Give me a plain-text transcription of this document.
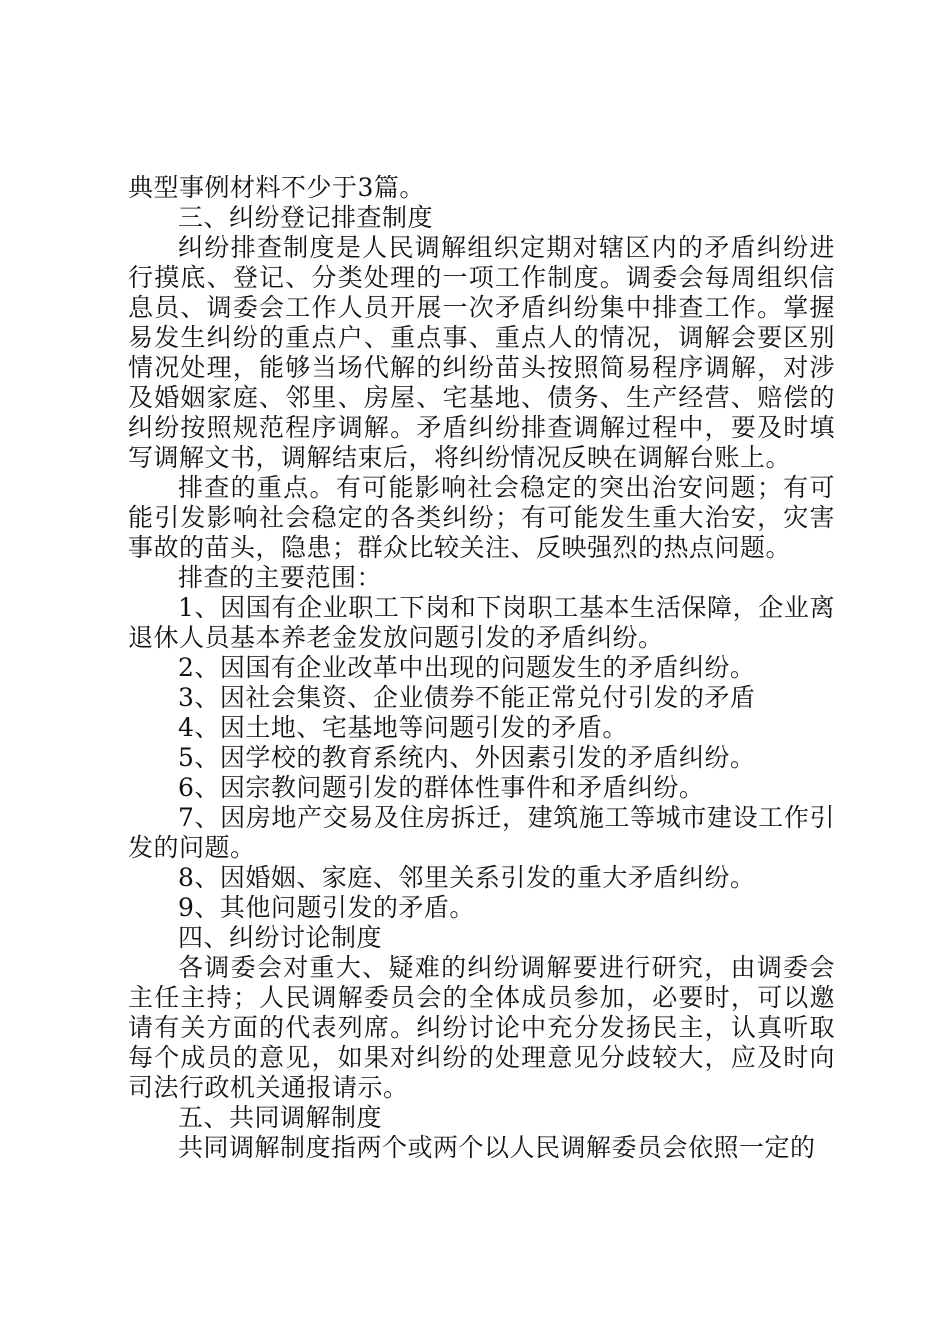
典型事例材料不少于3篇。

三、纠纷登记排查制度

纠纷排查制度是人民调解组织定期对辖区内的矛盾纠纷进行摸底、登记、分类处理的一项工作制度。调委会每周组织信息员、调委会工作人员开展一次矛盾纠纷集中排查工作。掌握易发生纠纷的重点户、重点事、重点人的情况，调解会要区别情况处理，能够当场代解的纠纷苗头按照简易程序调解，对涉及婚姻家庭、邻里、房屋、宅基地、债务、生产经营、赔偿的纠纷按照规范程序调解。矛盾纠纷排查调解过程中，要及时填写调解文书，调解结束后，将纠纷情况反映在调解台账上。

排查的重点。有可能影响社会稳定的突出治安问题；有可能引发影响社会稳定的各类纠纷；有可能发生重大治安，灾害事故的苗头，隐患；群众比较关注、反映强烈的热点问题。

排查的主要范围：

1、因国有企业职工下岗和下岗职工基本生活保障，企业离退休人员基本养老金发放问题引发的矛盾纠纷。

2、因国有企业改革中出现的问题发生的矛盾纠纷。

3、因社会集资、企业债券不能正常兑付引发的矛盾

4、因土地、宅基地等问题引发的矛盾。

5、因学校的教育系统内、外因素引发的矛盾纠纷。

6、因宗教问题引发的群体性事件和矛盾纠纷。

7、因房地产交易及住房拆迁，建筑施工等城市建设工作引发的问题。

8、因婚姻、家庭、邻里关系引发的重大矛盾纠纷。

9、其他问题引发的矛盾。

四、纠纷讨论制度

各调委会对重大、疑难的纠纷调解要进行研究，由调委会主任主持；人民调解委员会的全体成员参加，必要时，可以邀请有关方面的代表列席。纠纷讨论中充分发扬民主，认真听取每个成员的意见，如果对纠纷的处理意见分歧较大，应及时向司法行政机关通报请示。

五、共同调解制度

共同调解制度指两个或两个以人民调解委员会依照一定的
